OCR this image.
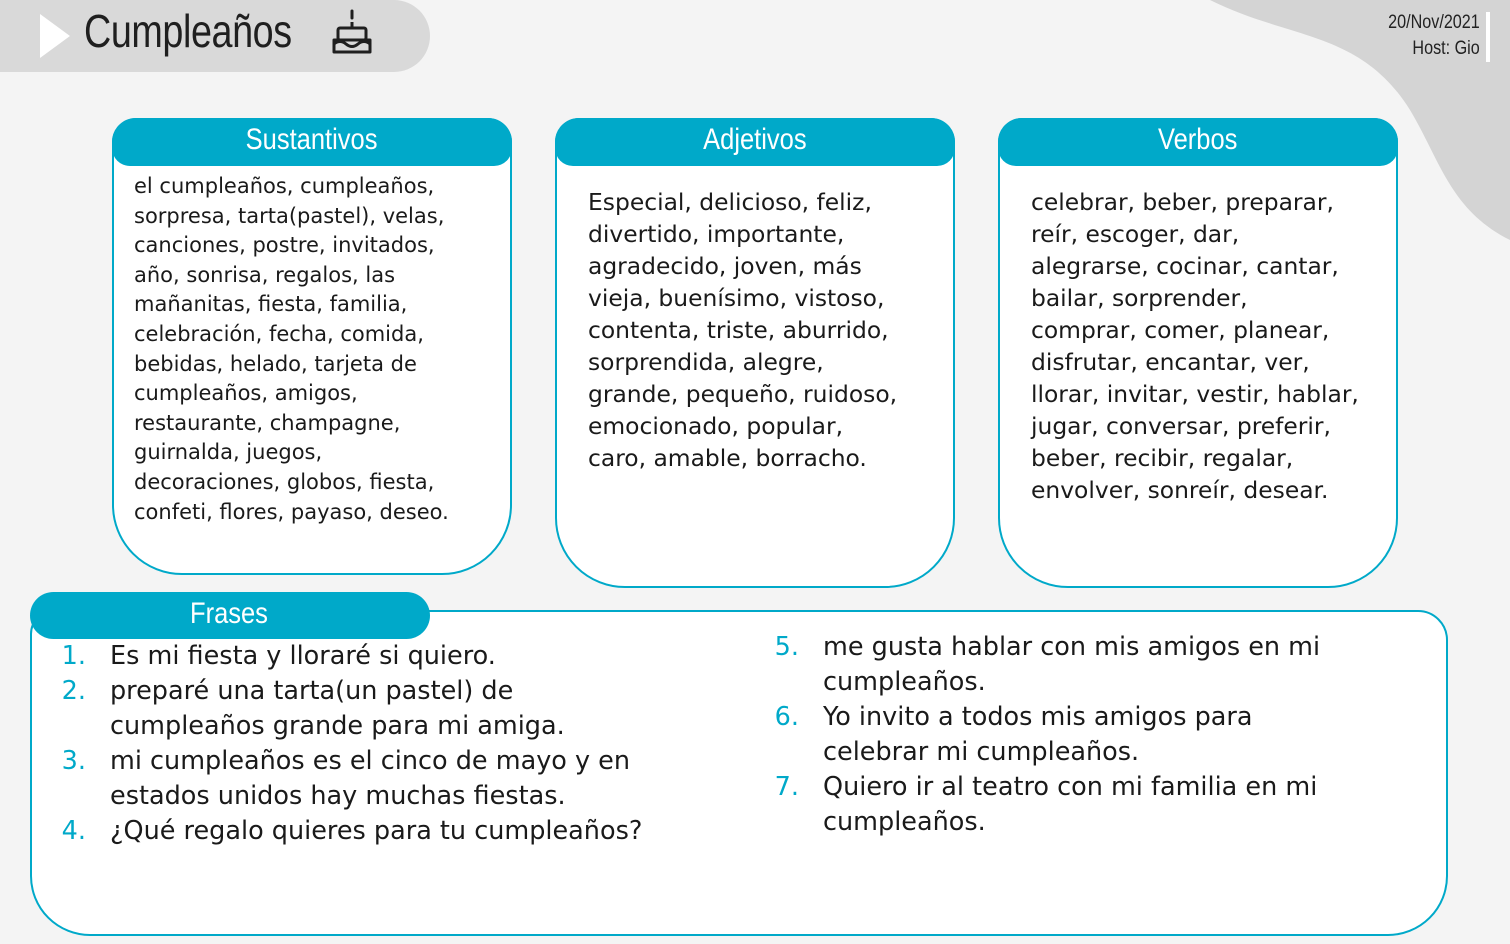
Cumpleaños	20/Nov/2021
Host: Gio
Sustantivos
el cumpleaños, cumpleaños,
sorpresa, tarta(pastel), velas,
canciones, postre, invitados,
año, sonrisa, regalos, las
mañanitas, fiesta, familia,
celebración, fecha, comida,
bebidas, helado, tarjeta de
cumpleaños, amigos,
restaurante, champagne,
guirnalda, juegos,
decoraciones, globos, fiesta,
confeti, flores, payaso, deseo.
Adjetivos
Especial, delicioso, feliz,
divertido, importante,
agradecido, joven, más
vieja, buenísimo, vistoso,
contenta, triste, aburrido,
sorprendida, alegre,
grande, pequeño, ruidoso,
emocionado, popular,
caro, amable, borracho.
Verbos
celebrar, beber, preparar,
reír, escoger, dar,
alegrarse, cocinar, cantar,
bailar, sorprender,
comprar, comer, planear,
disfrutar, encantar, ver,
llorar, invitar, vestir, hablar,
jugar, conversar, preferir,
beber, recibir, regalar,
envolver, sonreír, desear.
Frases
1. Es mi fiesta y lloraré si quiero.
2. preparé una tarta(un pastel) de
cumpleaños grande para mi amiga.
3. mi cumpleaños es el cinco de mayo y en
estados unidos hay muchas fiestas.
4. ¿Qué regalo quieres para tu cumpleaños?
5. me gusta hablar con mis amigos en mi
cumpleaños.
6. Yo invito a todos mis amigos para
celebrar mi cumpleaños.
7. Quiero ir al teatro con mi familia en mi
cumpleaños.
